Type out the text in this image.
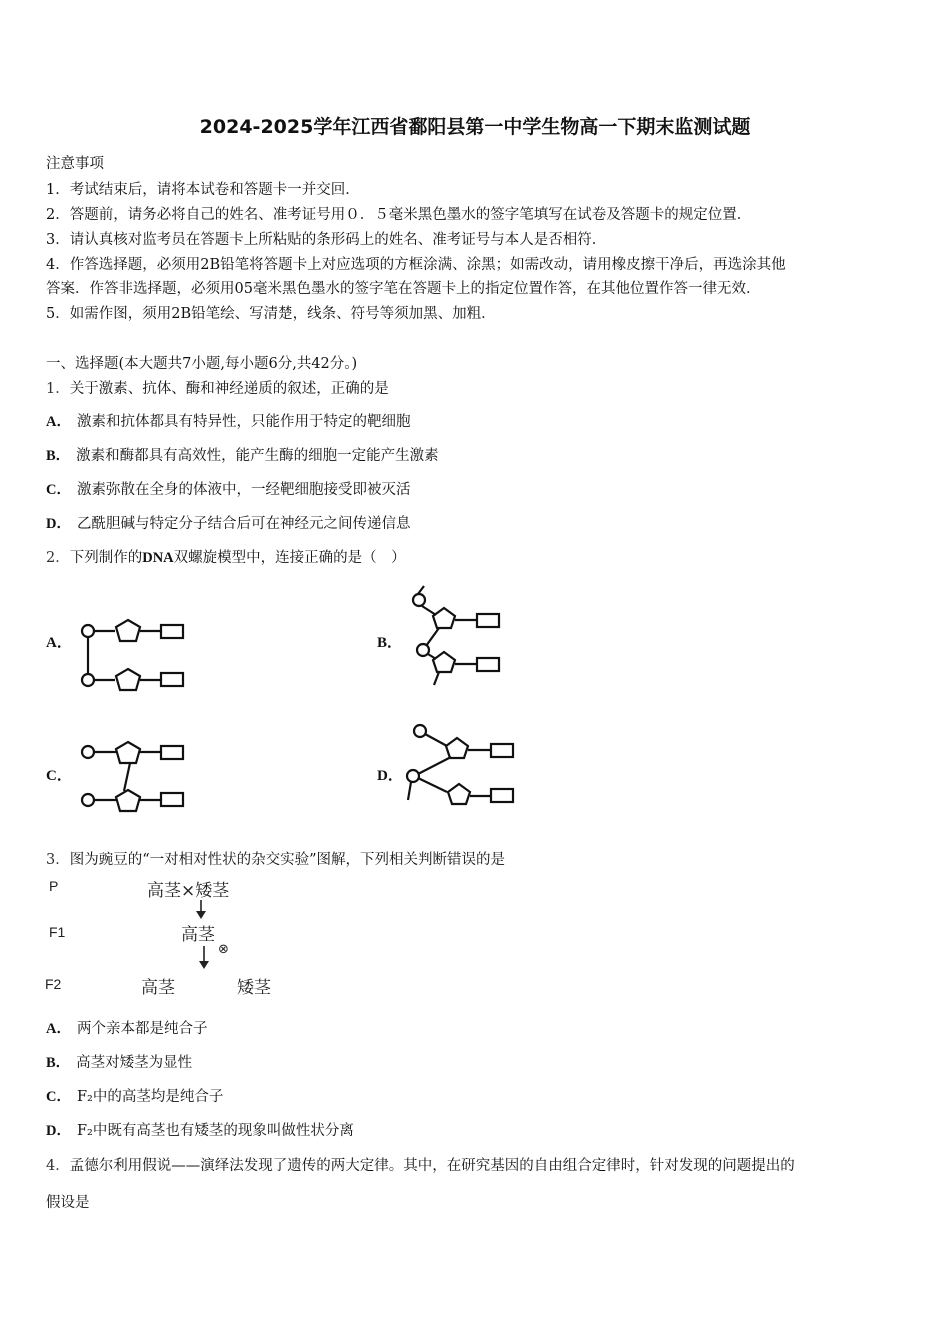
2024-2025学年江西省鄱阳县第一中学生物高一下期末监测试题
注意事项
1．考试结束后，请将本试卷和答题卡一并交回．
2．答题前，请务必将自己的姓名、准考证号用０．５毫米黑色墨水的签字笔填写在试卷及答题卡的规定位置．
3．请认真核对监考员在答题卡上所粘贴的条形码上的姓名、准考证号与本人是否相符．
4．作答选择题，必须用2B铅笔将答题卡上对应选项的方框涂满、涂黑；如需改动，请用橡皮擦干净后，再选涂其他
答案．作答非选择题，必须用05毫米黑色墨水的签字笔在答题卡上的指定位置作答，在其他位置作答一律无效．
5．如需作图，须用2B铅笔绘、写清楚，线条、符号等须加黑、加粗．
一、选择题(本大题共7小题,每小题6分,共42分。)
1．关于激素、抗体、酶和神经递质的叙述，正确的是
A． 激素和抗体都具有特异性，只能作用于特定的靶细胞
B． 激素和酶都具有高效性，能产生酶的细胞一定能产生激素
C． 激素弥散在全身的体液中，一经靶细胞接受即被灭活
D． 乙酰胆碱与特定分子结合后可在神经元之间传递信息
2．下列制作的DNA双螺旋模型中，连接正确的是（　）
A．	B．
C．	D．
3．图为豌豆的“一对相对性状的杂交实验”图解，下列相关判断错误的是
P
F1
F2
高茎×矮茎
高茎
⊗
高茎	矮茎
A． 两个亲本都是纯合子
B． 高茎对矮茎为显性
C． F₂中的高茎均是纯合子
D． F₂中既有高茎也有矮茎的现象叫做性状分离
4．孟德尔利用假说——演绎法发现了遗传的两大定律。其中，在研究基因的自由组合定律时，针对发现的问题提出的
假设是
